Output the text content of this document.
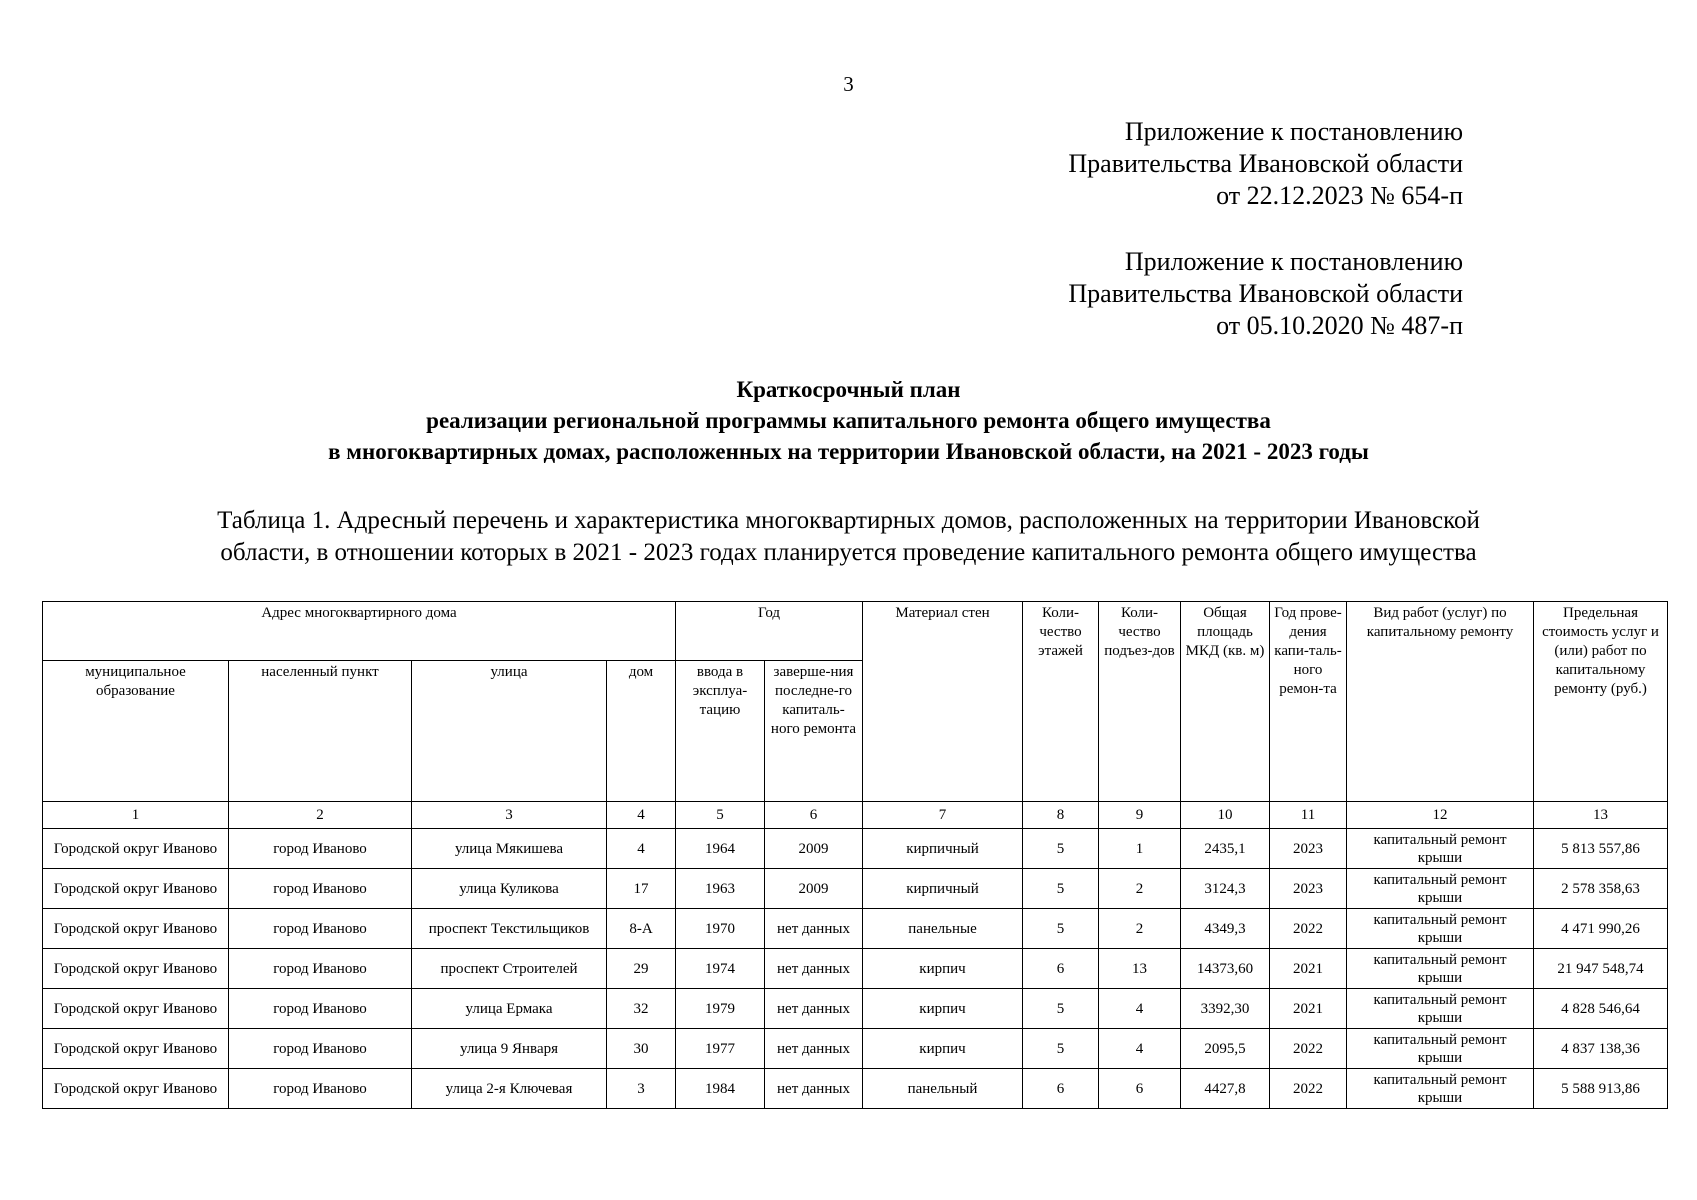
3
Приложение к постановлению
Правительства Ивановской области
от 22.12.2023 № 654-п
Приложение к постановлению
Правительства Ивановской области
от 05.10.2020 № 487-п
Краткосрочный план
реализации региональной программы капитального ремонта общего имущества
в многоквартирных домах, расположенных на территории Ивановской области, на 2021 - 2023 годы
Таблица 1. Адресный перечень и характеристика многоквартирных домов, расположенных на территории Ивановской
области, в отношении которых в 2021 - 2023 годах планируется проведение капитального ремонта общего имущества
Адрес многоквартирного дома				Год		Материал стен	Коли-чество этажей	Коли-чество подъез-дов	Общая площадь МКД (кв. м)	Год прове-дения капи-таль-ного ремон-та	Вид работ (услуг) по капитальному ремонту	Предельная стоимость услуг и (или) работ по капитальному ремонту (руб.)
муниципальное образование	населенный пункт	улица	дом	ввода в эксплуа-тацию	заверше-ния последне-го капиталь-ного ремонта							
1	2	3	4	5	6	7	8	9	10	11	12	13
Городской округ Иваново	город Иваново	улица Мякишева	4	1964	2009	кирпичный	5	1	2435,1	2023	капитальный ремонт крыши	5 813 557,86
Городской округ Иваново	город Иваново	улица Куликова	17	1963	2009	кирпичный	5	2	3124,3	2023	капитальный ремонт крыши	2 578 358,63
Городской округ Иваново	город Иваново	проспект Текстильщиков	8-А	1970	нет данных	панельные	5	2	4349,3	2022	капитальный ремонт крыши	4 471 990,26
Городской округ Иваново	город Иваново	проспект Строителей	29	1974	нет данных	кирпич	6	13	14373,60	2021	капитальный ремонт крыши	21 947 548,74
Городской округ Иваново	город Иваново	улица Ермака	32	1979	нет данных	кирпич	5	4	3392,30	2021	капитальный ремонт крыши	4 828 546,64
Городской округ Иваново	город Иваново	улица 9 Января	30	1977	нет данных	кирпич	5	4	2095,5	2022	капитальный ремонт крыши	4 837 138,36
Городской округ Иваново	город Иваново	улица 2-я Ключевая	3	1984	нет данных	панельный	6	6	4427,8	2022	капитальный ремонт крыши	5 588 913,86
